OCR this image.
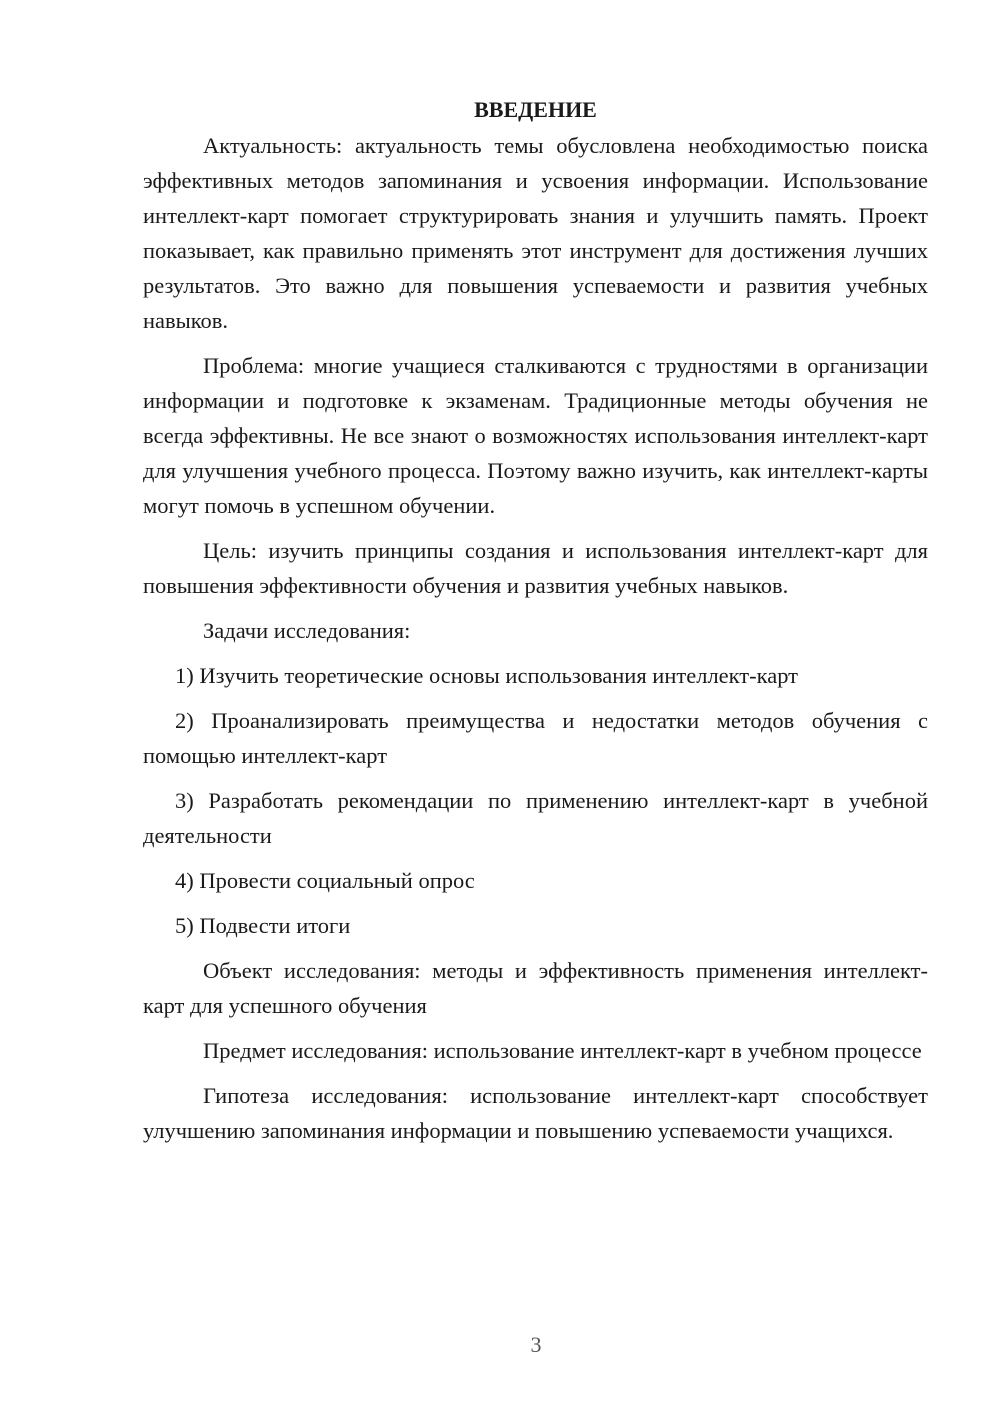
ВВЕДЕНИЕ

Актуальность: актуальность темы обусловлена необходимостью поиска эффективных методов запоминания и усвоения информации. Использование интеллект-карт помогает структурировать знания и улучшить память. Проект показывает, как правильно применять этот инструмент для достижения лучших результатов. Это важно для повышения успеваемости и развития учебных навыков.

Проблема: многие учащиеся сталкиваются с трудностями в организации информации и подготовке к экзаменам. Традиционные методы обучения не всегда эффективны. Не все знают о возможностях использования интеллект-карт для улучшения учебного процесса. Поэтому важно изучить, как интеллект-карты могут помочь в успешном обучении.

Цель: изучить принципы создания и использования интеллект-карт для повышения эффективности обучения и развития учебных навыков.

Задачи исследования:

1) Изучить теоретические основы использования интеллект-карт

2) Проанализировать преимущества и недостатки методов обучения с помощью интеллект-карт

3) Разработать рекомендации по применению интеллект-карт в учебной деятельности

4) Провести социальный опрос

5) Подвести итоги

Объект исследования: методы и эффективность применения интеллект-карт для успешного обучения

Предмет исследования: использование интеллект-карт в учебном процессе

Гипотеза исследования: использование интеллект-карт способствует улучшению запоминания информации и повышению успеваемости учащихся.

3
